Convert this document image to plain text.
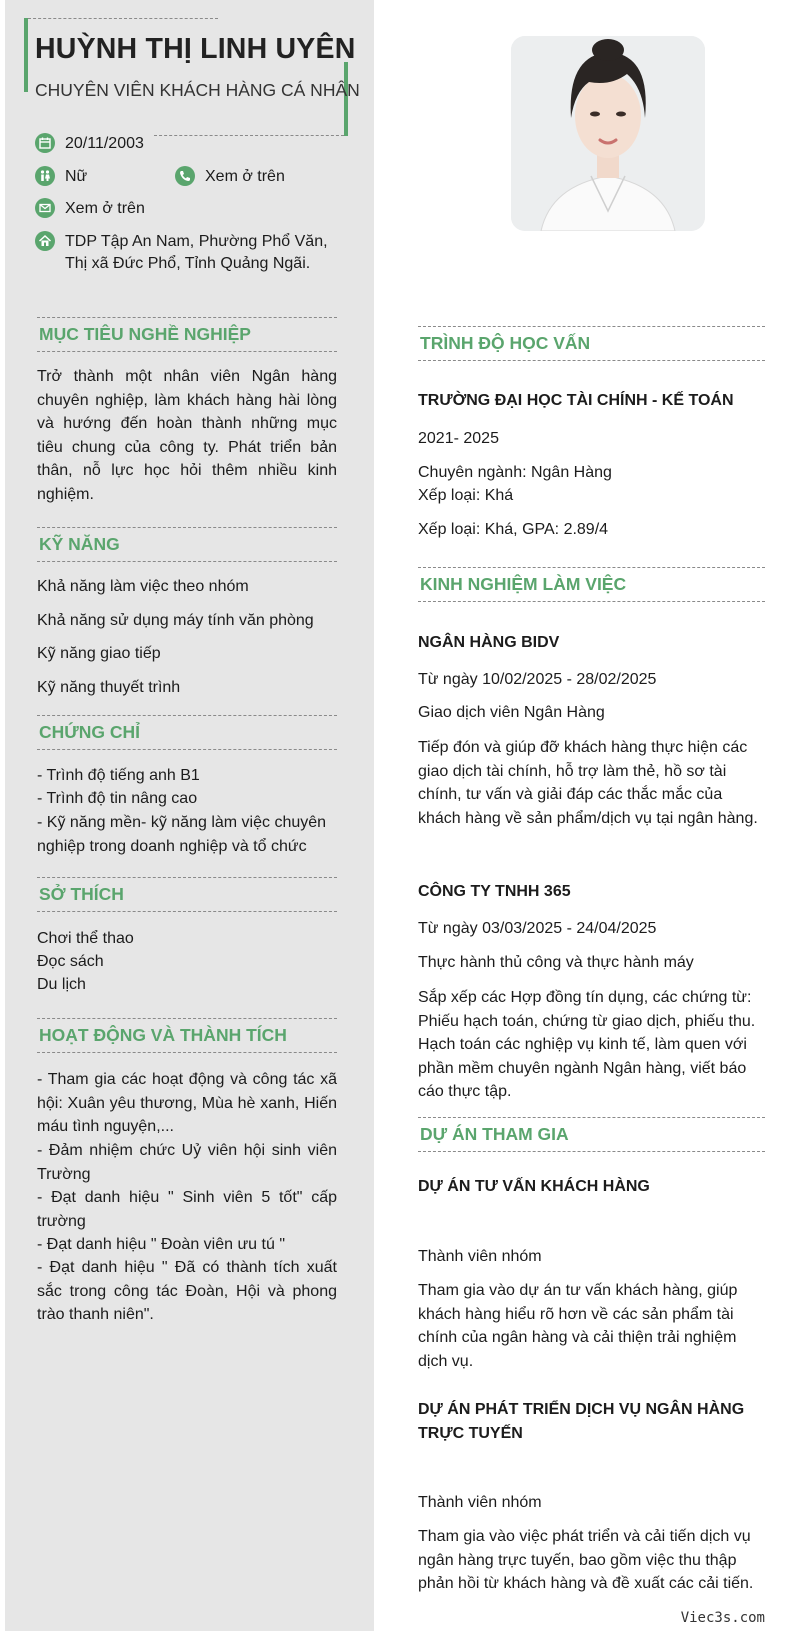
HUỲNH THỊ LINH UYÊN
CHUYÊN VIÊN KHÁCH HÀNG CÁ NHÂN
20/11/2003
Nữ	Xem ở trên
Xem ở trên
TDP Tập An Nam, Phường Phổ Văn,
Thị xã Đức Phổ, Tỉnh Quảng Ngãi.
MỤC TIÊU NGHỀ NGHIỆP
Trở thành một nhân viên Ngân hàng chuyên nghiệp, làm khách hàng hài lòng và hướng đến hoàn thành những mục tiêu chung của công ty. Phát triển bản thân, nỗ lực học hỏi thêm nhiều kinh nghiệm.
KỸ NĂNG
Khả năng làm việc theo nhóm
Khả năng sử dụng máy tính văn phòng
Kỹ năng giao tiếp
Kỹ năng thuyết trình
CHỨNG CHỈ
- Trình độ tiếng anh B1
- Trình độ tin nâng cao
- Kỹ năng mền- kỹ năng làm việc chuyên nghiệp trong doanh nghiệp và tổ chức
SỞ THÍCH
Chơi thể thao
Đọc sách
Du lịch
HOẠT ĐỘNG VÀ THÀNH TÍCH
- Tham gia các hoạt động và công tác xã hội: Xuân yêu thương, Mùa hè xanh, Hiến máu tình nguyện,...
- Đảm nhiệm chức Uỷ viên hội sinh viên Trường
- Đạt danh hiệu " Sinh viên 5 tốt" cấp trường
- Đạt danh hiệu " Đoàn viên ưu tú "
- Đạt danh hiệu " Đã có thành tích xuất sắc trong công tác Đoàn, Hội và phong trào thanh niên".
TRÌNH ĐỘ HỌC VẤN
TRƯỜNG ĐẠI HỌC TÀI CHÍNH - KẾ TOÁN
2021- 2025
Chuyên ngành: Ngân Hàng
Xếp loại: Khá
Xếp loại: Khá, GPA: 2.89/4
KINH NGHIỆM LÀM VIỆC
NGÂN HÀNG BIDV
Từ ngày 10/02/2025 - 28/02/2025
Giao dịch viên Ngân Hàng
Tiếp đón và giúp đỡ khách hàng thực hiện các giao dịch tài chính, hỗ trợ làm thẻ, hồ sơ tài chính, tư vấn và giải đáp các thắc mắc của khách hàng về sản phẩm/dịch vụ tại ngân hàng.
CÔNG TY TNHH 365
Từ ngày 03/03/2025 - 24/04/2025
Thực hành thủ công và thực hành máy
Sắp xếp các Hợp đồng tín dụng, các chứng từ: Phiếu hạch toán, chứng từ giao dịch, phiếu thu. Hạch toán các nghiệp vụ kinh tế, làm quen với phần mềm chuyên ngành Ngân hàng, viết báo cáo thực tập.
DỰ ÁN THAM GIA
DỰ ÁN TƯ VẤN KHÁCH HÀNG
Thành viên nhóm
Tham gia vào dự án tư vấn khách hàng, giúp khách hàng hiểu rõ hơn về các sản phẩm tài chính của ngân hàng và cải thiện trải nghiệm dịch vụ.
DỰ ÁN PHÁT TRIỂN DỊCH VỤ NGÂN HÀNG TRỰC TUYẾN
Thành viên nhóm
Tham gia vào việc phát triển và cải tiến dịch vụ ngân hàng trực tuyến, bao gồm việc thu thập phản hồi từ khách hàng và đề xuất các cải tiến.
Viec3s.com
